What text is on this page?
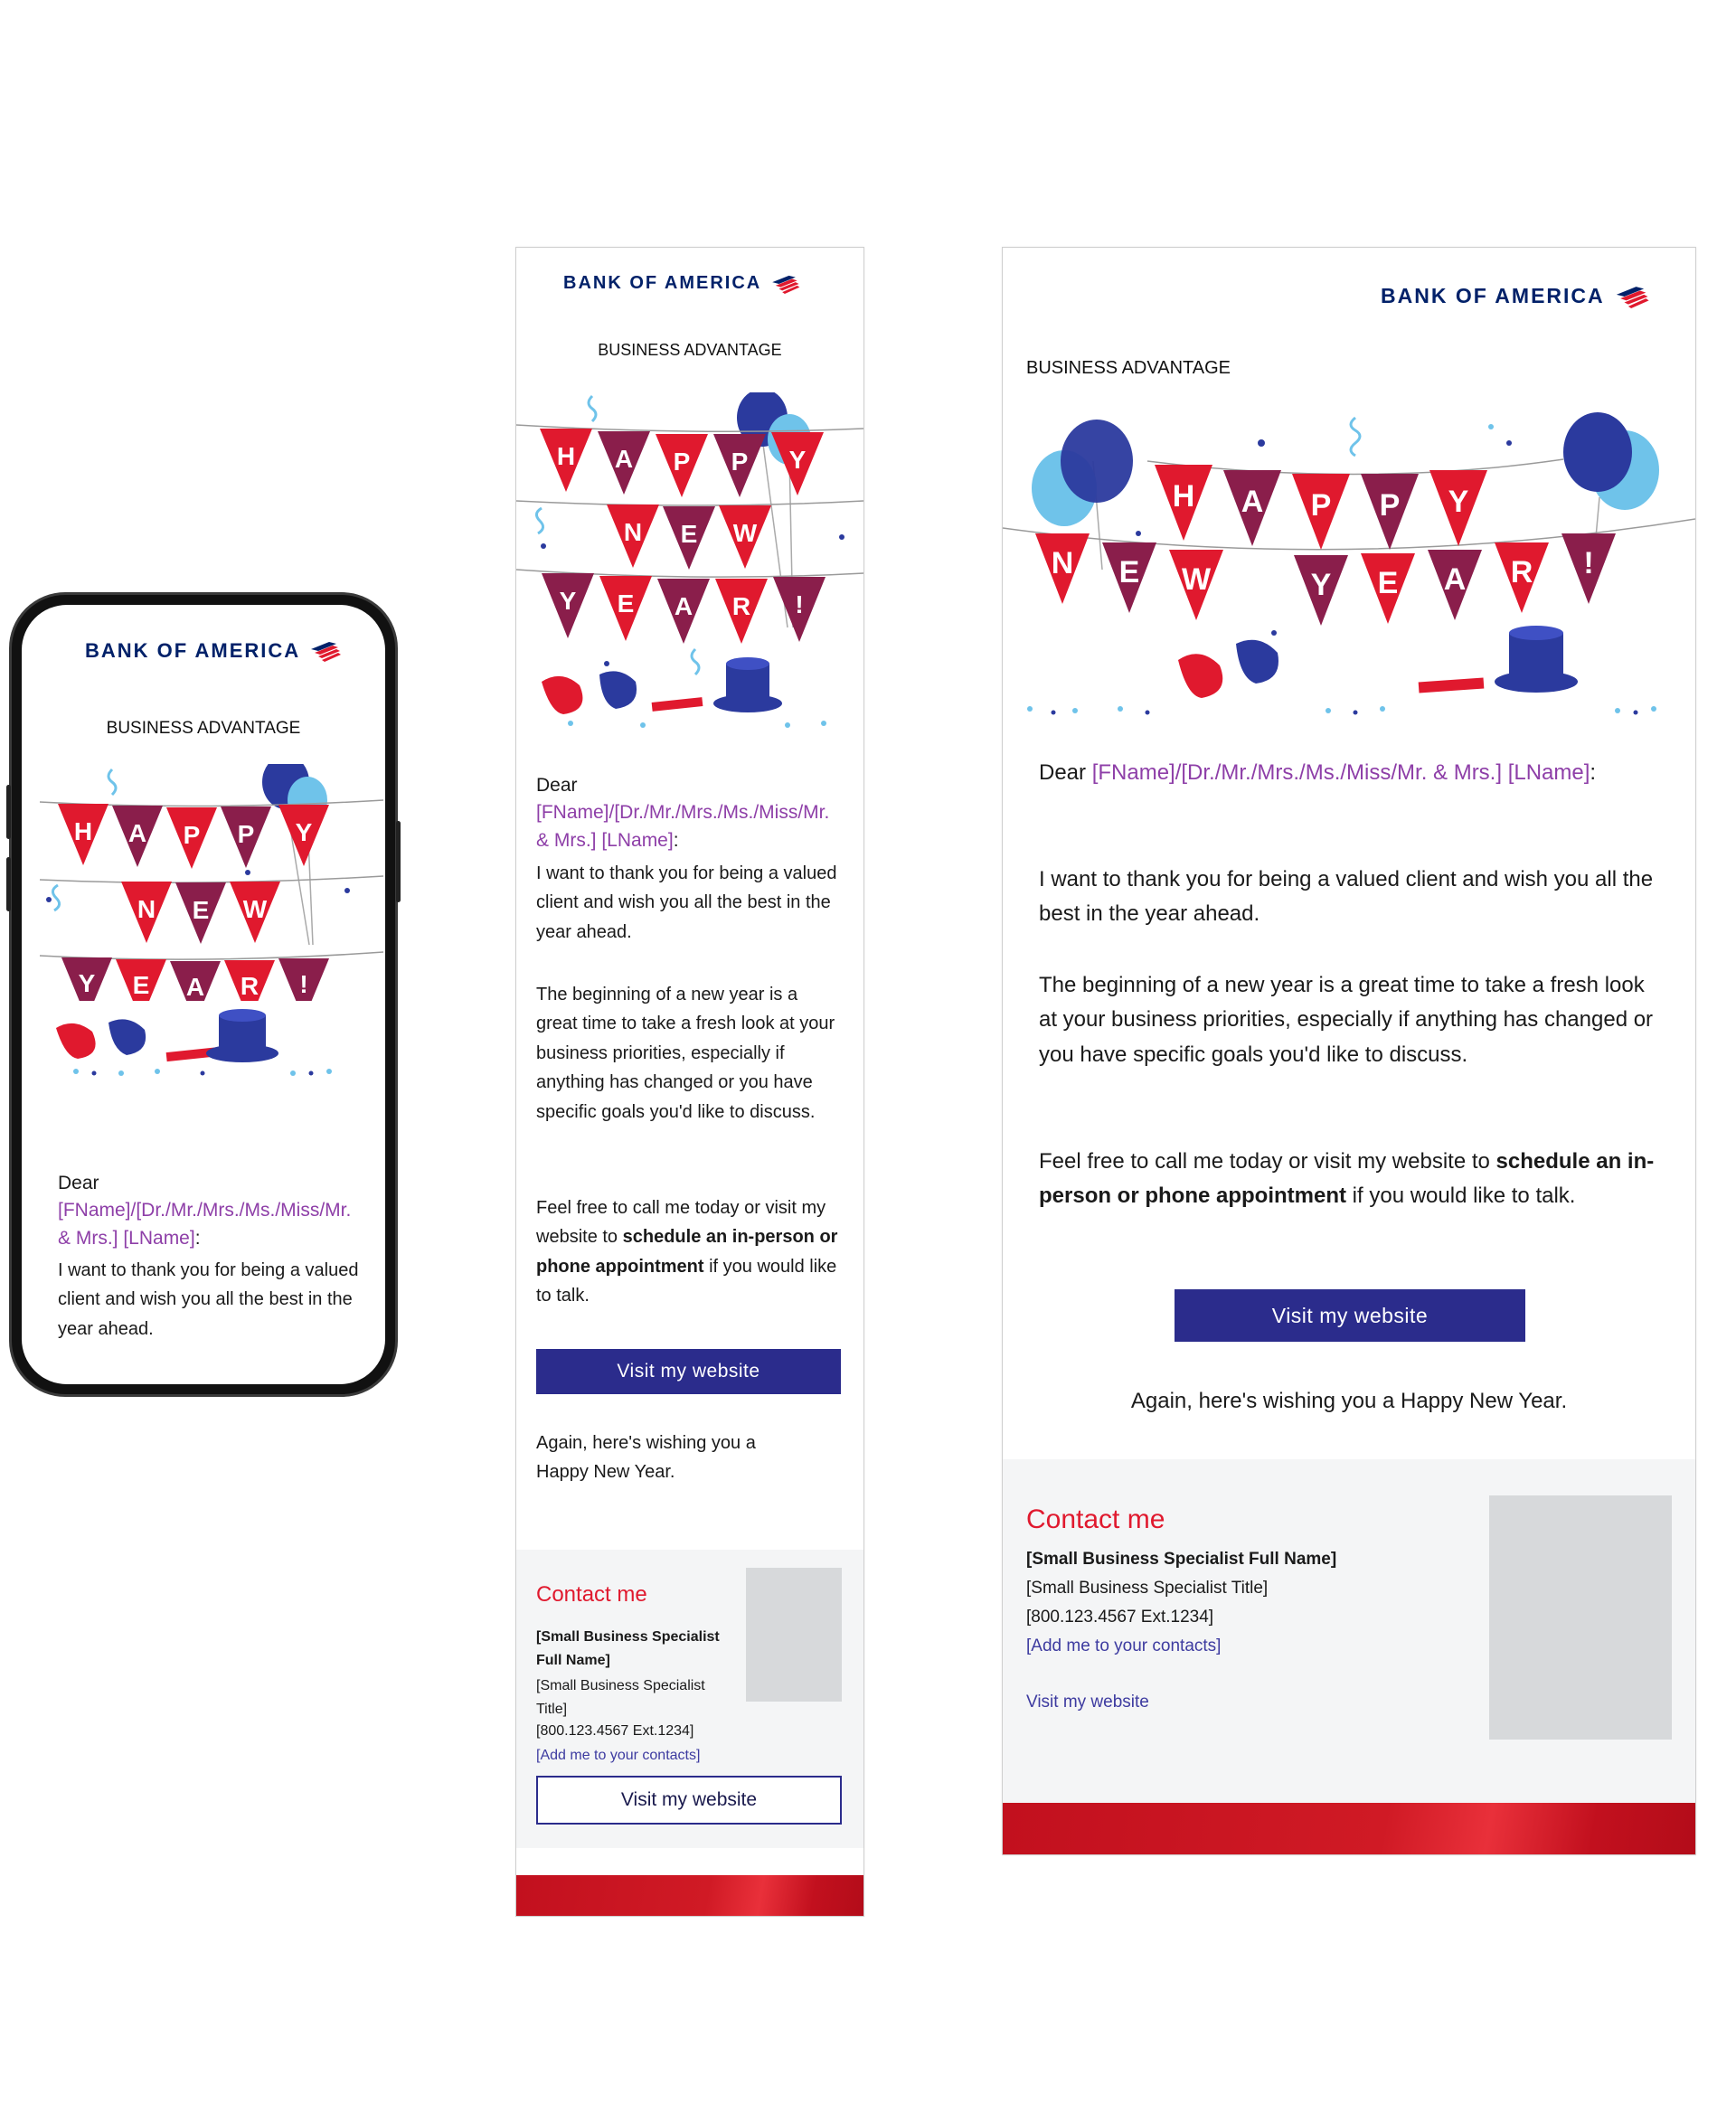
BANK OF AMERICA
BUSINESS ADVANTAGE
H A P P Y
N E W
Y E A R !
Dear [FName]/[Dr./Mr./Mrs./Ms./Miss/Mr. & Mrs.] [LName]:
I want to thank you for being a valued client and wish you all the best in the year ahead.
BANK OF AMERICA
BUSINESS ADVANTAGE
H A P P Y
N E W
Y E A R !
Dear [FName]/[Dr./Mr./Mrs./Ms./Miss/Mr. & Mrs.] [LName]:
I want to thank you for being a valued client and wish you all the best in the year ahead.
The beginning of a new year is a great time to take a fresh look at your business priorities, especially if anything has changed or you have specific goals you'd like to discuss.
Feel free to call me today or visit my website to schedule an in-person or phone appointment if you would like to talk.
Visit my website
Again, here's wishing you a Happy New Year.
Contact me
[Small Business Specialist Full Name]
[Small Business Specialist Title]
[800.123.4567 Ext.1234]
[Add me to your contacts]
Visit my website
BANK OF AMERICA
BUSINESS ADVANTAGE
H A P P Y
N E W	Y E A R !
Dear [FName]/[Dr./Mr./Mrs./Ms./Miss/Mr. & Mrs.] [LName]:
I want to thank you for being a valued client and wish you all the best in the year ahead.
The beginning of a new year is a great time to take a fresh look at your business priorities, especially if anything has changed or you have specific goals you'd like to discuss.
Feel free to call me today or visit my website to schedule an in-person or phone appointment if you would like to talk.
Visit my website
Again, here's wishing you a Happy New Year.
Contact me
[Small Business Specialist Full Name]
[Small Business Specialist Title]
[800.123.4567 Ext.1234]
[Add me to your contacts]
Visit my website
